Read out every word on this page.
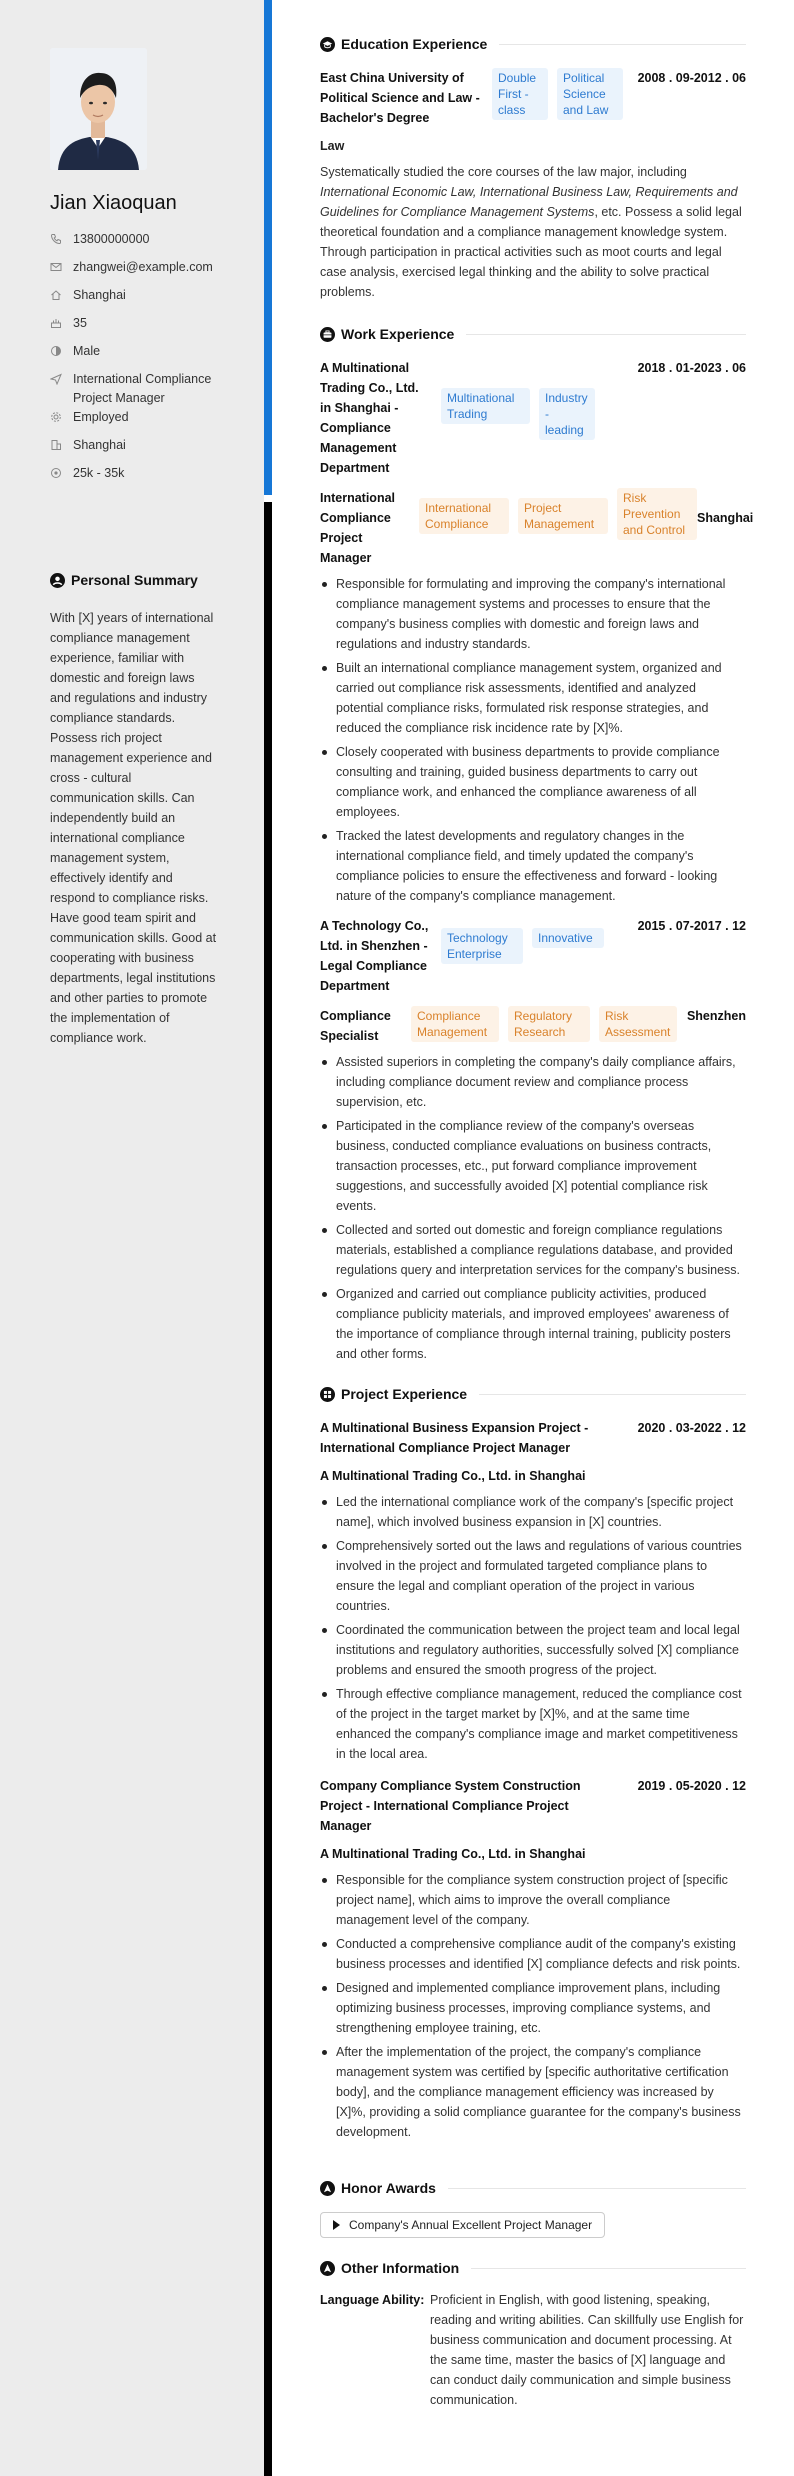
Jian Xiaoquan
13800000000
zhangwei@example.com
Shanghai
35
Male
International Compliance Project Manager
Employed
Shanghai
25k - 35k
Personal Summary
With [X] years of international compliance management experience, familiar with domestic and foreign laws and regulations and industry compliance standards. Possess rich project management experience and cross - cultural communication skills. Can independently build an international compliance management system, effectively identify and respond to compliance risks. Have good team spirit and communication skills. Good at cooperating with business departments, legal institutions and other parties to promote the implementation of compliance work.
Education Experience
East China University of Political Science and Law - Bachelor's Degree
Double First - class
Political Science and Law
2008 . 09-2012 . 06
Law
Systematically studied the core courses of the law major, including International Economic Law, International Business Law, Requirements and Guidelines for Compliance Management Systems, etc. Possess a solid legal theoretical foundation and a compliance management knowledge system. Through participation in practical activities such as moot courts and legal case analysis, exercised legal thinking and the ability to solve practical problems.
Work Experience
A Multinational Trading Co., Ltd. in Shanghai - Compliance Management Department
Multinational Trading
Industry - leading
2018 . 01-2023 . 06
International Compliance Project Manager
International Compliance
Project Management
Risk Prevention and Control
Shanghai
Responsible for formulating and improving the company's international compliance management systems and processes to ensure that the company's business complies with domestic and foreign laws and regulations and industry standards.
Built an international compliance management system, organized and carried out compliance risk assessments, identified and analyzed potential compliance risks, formulated risk response strategies, and reduced the compliance risk incidence rate by [X]%.
Closely cooperated with business departments to provide compliance consulting and training, guided business departments to carry out compliance work, and enhanced the compliance awareness of all employees.
Tracked the latest developments and regulatory changes in the international compliance field, and timely updated the company's compliance policies to ensure the effectiveness and forward - looking nature of the company's compliance management.
A Technology Co., Ltd. in Shenzhen - Legal Compliance Department
Technology Enterprise
Innovative
2015 . 07-2017 . 12
Compliance Specialist
Compliance Management
Regulatory Research
Risk Assessment
Shenzhen
Assisted superiors in completing the company's daily compliance affairs, including compliance document review and compliance process supervision, etc.
Participated in the compliance review of the company's overseas business, conducted compliance evaluations on business contracts, transaction processes, etc., put forward compliance improvement suggestions, and successfully avoided [X] potential compliance risk events.
Collected and sorted out domestic and foreign compliance regulations materials, established a compliance regulations database, and provided regulations query and interpretation services for the company's business.
Organized and carried out compliance publicity activities, produced compliance publicity materials, and improved employees' awareness of the importance of compliance through internal training, publicity posters and other forms.
Project Experience
A Multinational Business Expansion Project - International Compliance Project Manager
2020 . 03-2022 . 12
A Multinational Trading Co., Ltd. in Shanghai
Led the international compliance work of the company's [specific project name], which involved business expansion in [X] countries.
Comprehensively sorted out the laws and regulations of various countries involved in the project and formulated targeted compliance plans to ensure the legal and compliant operation of the project in various countries.
Coordinated the communication between the project team and local legal institutions and regulatory authorities, successfully solved [X] compliance problems and ensured the smooth progress of the project.
Through effective compliance management, reduced the compliance cost of the project in the target market by [X]%, and at the same time enhanced the company's compliance image and market competitiveness in the local area.
Company Compliance System Construction Project - International Compliance Project Manager
2019 . 05-2020 . 12
A Multinational Trading Co., Ltd. in Shanghai
Responsible for the compliance system construction project of [specific project name], which aims to improve the overall compliance management level of the company.
Conducted a comprehensive compliance audit of the company's existing business processes and identified [X] compliance defects and risk points.
Designed and implemented compliance improvement plans, including optimizing business processes, improving compliance systems, and strengthening employee training, etc.
After the implementation of the project, the company's compliance management system was certified by [specific authoritative certification body], and the compliance management efficiency was increased by [X]%, providing a solid compliance guarantee for the company's business development.
Honor Awards
Company's Annual Excellent Project Manager
Other Information
Language Ability: Proficient in English, with good listening, speaking, reading and writing abilities. Can skillfully use English for business communication and document processing. At the same time, master the basics of [X] language and can conduct daily communication and simple business communication.
